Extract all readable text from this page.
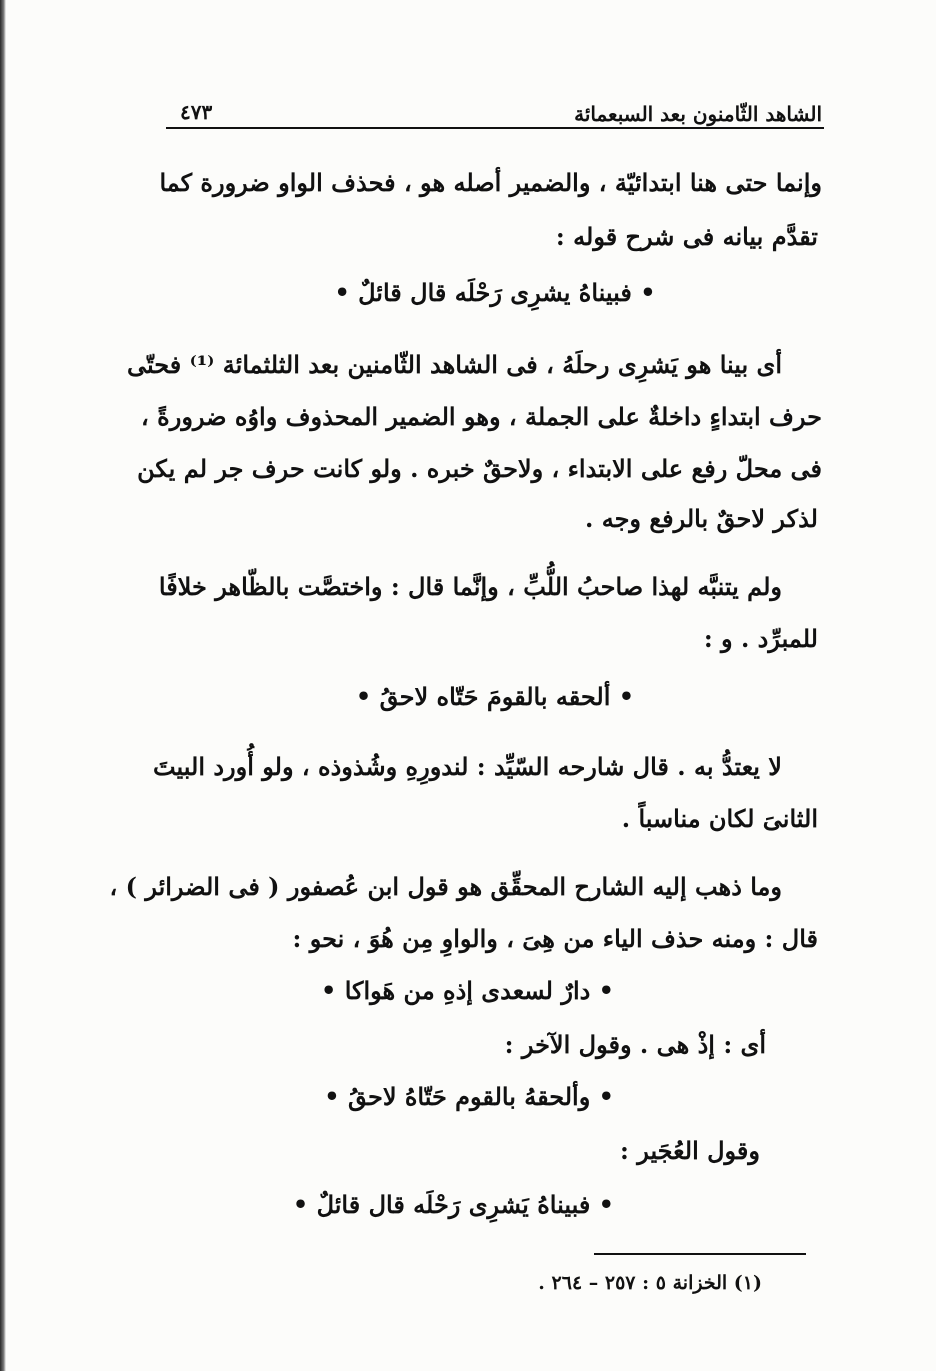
الشاهد الثّامنون بعد السبعمائة
٤٧٣
وإنما حتى هنا ابتدائيّة ، والضمير أصله هو ، فحذف الواو ضرورة كما
تقدَّم بيانه فى شرح قوله :
• فبيناهُ يشرِى رَحْلَه قال قائلٌ •
أى بينا هو يَشرِى رحلَهُ ، فى الشاهد الثّامنين بعد الثلثمائة ⁽¹⁾ فحتّى
حرف ابتداءٍ داخلةٌ على الجملة ، وهو الضمير المحذوف واوُه ضرورةً ،
فى محلّ رفع على الابتداء ، ولاحقٌ خبره . ولو كانت حرف جر لم يكن
لذكر لاحقٌ بالرفع وجه .
ولم يتنبَّه لهذا صاحبُ اللُّبِّ ، وإنَّما قال : واختصَّت بالظّاهر خلافًا
للمبرِّد . و :
• ألحقه بالقومَ حَتّاه لاحقُ •
لا يعتدُّ به . قال شارحه السّيِّد : لندورِهِ وشُذوذه ، ولو أُورد البيتَ
الثانىَ لكان مناسباً .
وما ذهب إليه الشارح المحقِّق هو قول ابن عُصفور ( فى الضرائر ) ،
قال : ومنه حذف الياء من هِىَ ، والواوِ مِن هُوَ ، نحو :
• دارٌ لسعدى إذهِ من هَواكا •
أى : إذْ هى . وقول الآخر :
• وألحقهُ بالقوم حَتّاهُ لاحقُ •
وقول العُجَير :
• فبيناهُ يَشرِى رَحْلَه قال قائلٌ •
(١) الخزانة ٥ : ٢٥٧ – ٢٦٤ .
